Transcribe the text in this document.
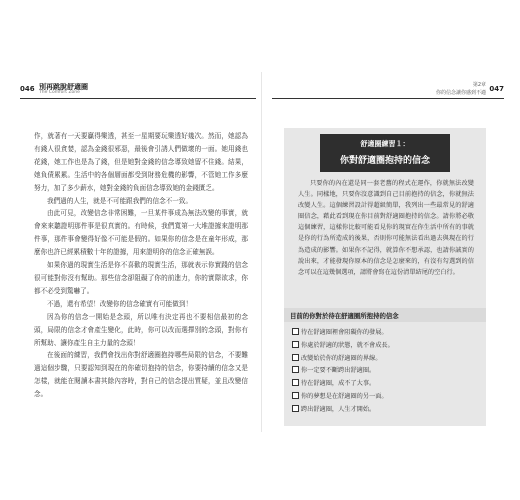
046 別再跳脫舒適圈
The Comfort Zone

作，就著有一天要贏得樂透，甚至一星期要玩樂透好幾次。然而，她認為有錢人很貪婪，認為金錢很邪惡，最後會引誘人們做壞的一面。她用錢也花錢，她工作也是為了錢，但是她對金錢的信念導致她留不住錢。結果，她負債累累。生活中的各個層面都受到財務危機的影響，不管她工作多麼努力，加了多少薪水，她對金錢的負面信念導致她的金錢匱乏。

我們過的人生，就是不可能跟我們的信念不一致。

由此可見，改變信念非常困難，一旦某件事成為無法改變的事實，就會來來聽證明那件事是很真實的。有時候，我們寬第一大堆證據來證明那件事，那件事會變得好像不可能是假的。如果你的信念是在童年形成，那麼你也許已經累積數十年的證據，用來證明你的信念正確無誤。

如果你過的現實生活是你不喜歡的現實生活，那就表示你實踐的信念很可能對你沒有幫助。那些信念卻阻礙了你的前進力，你的實際欲求，你都不必受到驚嚇了。

不過，還有希望！改變你的信念確實有可能做到！

因為你的信念一開始是念頭，所以唯有決定再也不要相信最初的念頭，局限的信念才會產生變化，此時，你可以改而選擇別的念頭，對你有所幫助、讓你產生自主力量的念頭！

在後面的練習，我們會找出你對舒適圈抱持哪些局限的信念，不要難過這個步驟，只要認知到現在的你確切抱持的信念，你要持續的信念又是怎樣，就能在閱讀本書其餘內容時，對自己的信念提出質疑，並且改變信念。

第2章
你的信念讓你感到不適 047
舒適圈練習１：
你對舒適圈抱持的信念

只要你的內在還是同一套老舊的程式在運作，你就無法改變人生。同樣地，只要你沒意識到自己目前抱持的信念，你就無法改變人生。這個練習設計得超級簡單，我列出一些最常見的舒適圈信念，藉此看到現在你目前對舒適圈抱持的信念。請你將必敬這個練習，這樣你比較可能看見你的現實在你生活中所有的事就是你的行為所造成的後果，否則你可能無法看出過去與現在的行為造成的影響。如果你不記得，就算你不想承認，也請你誠實的說出來，才能發現你原本的信念是怎麼來的，有沒有勾選到的信念可以在這幾個選項，請將會寫在這份清單結尾的空白行。

目前的你對於待在舒適圈所抱持的信念
待在舒適圈裡會阻礙你的發展。
你處於舒適的狀態，就不會成長。
改變始於你的舒適圈的界線。
你一定要不斷跨出舒適圈。
待在舒適圈，成不了大事。
你的夢想是在舒適圈的另一面。
跨出舒適圈，人生才開始。
